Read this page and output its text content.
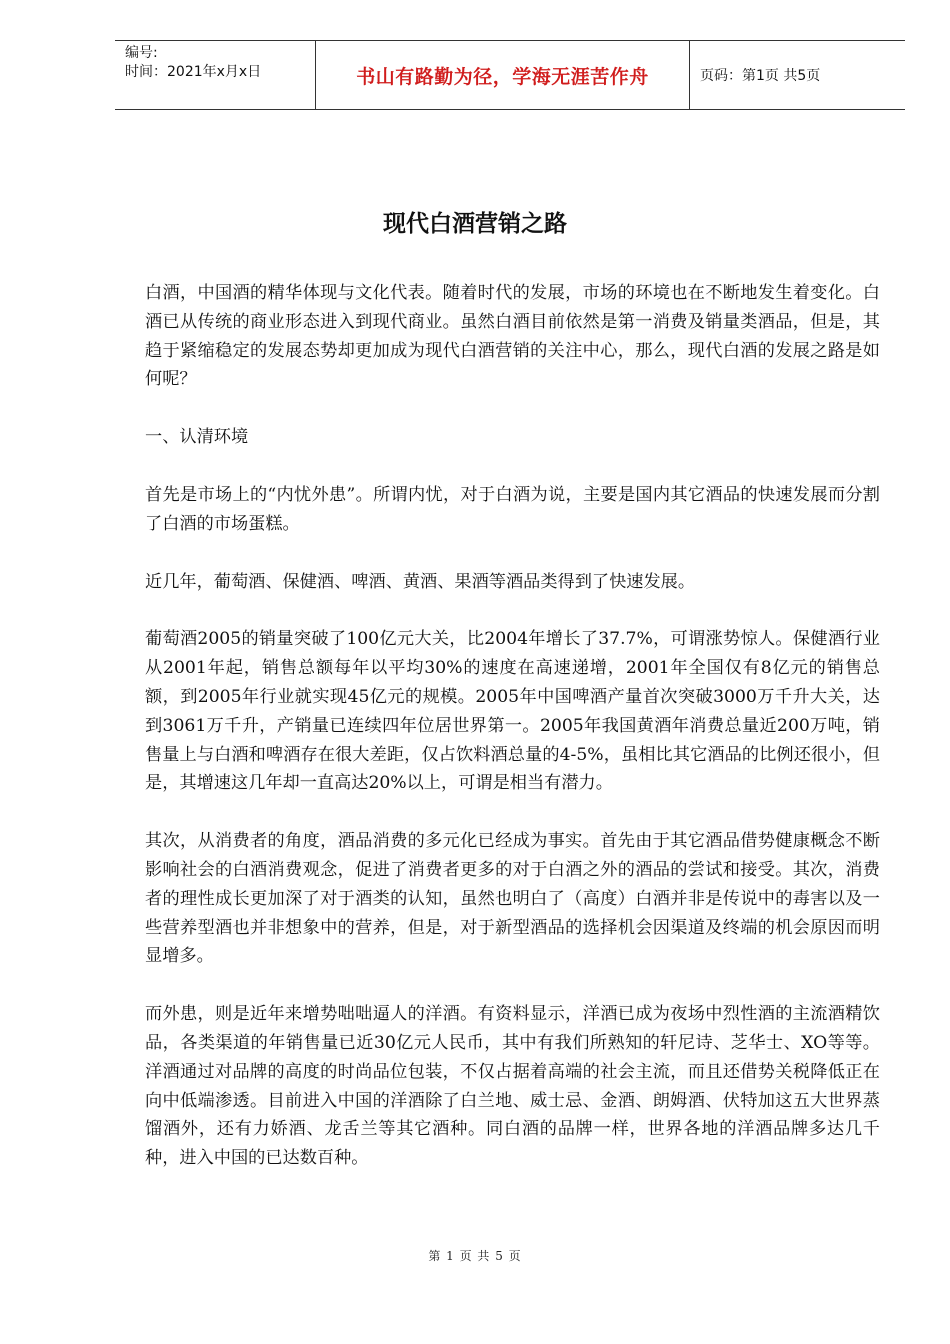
编号:
时间：2021年x月x日	书山有路勤为径，学海无涯苦作舟	页码：第1页 共5页
现代白酒营销之路

白酒，中国酒的精华体现与文化代表。随着时代的发展，市场的环境也在不断地发生着变化。白酒已从传统的商业形态进入到现代商业。虽然白酒目前依然是第一消费及销量类酒品，但是，其趋于紧缩稳定的发展态势却更加成为现代白酒营销的关注中心，那么，现代白酒的发展之路是如何呢？

一、认清环境

首先是市场上的“内忧外患”。所谓内忧，对于白酒为说，主要是国内其它酒品的快速发展而分割了白酒的市场蛋糕。

近几年，葡萄酒、保健酒、啤酒、黄酒、果酒等酒品类得到了快速发展。

葡萄酒2005的销量突破了100亿元大关，比2004年增长了37.7%，可谓涨势惊人。保健酒行业从2001年起，销售总额每年以平均30%的速度在高速递增，2001年全国仅有8亿元的销售总额，到2005年行业就实现45亿元的规模。2005年中国啤酒产量首次突破3000万千升大关，达到3061万千升，产销量已连续四年位居世界第一。2005年我国黄酒年消费总量近200万吨，销售量上与白酒和啤酒存在很大差距，仅占饮料酒总量的4-5%，虽相比其它酒品的比例还很小，但是，其增速这几年却一直高达20%以上，可谓是相当有潜力。

其次，从消费者的角度，酒品消费的多元化已经成为事实。首先由于其它酒品借势健康概念不断影响社会的白酒消费观念，促进了消费者更多的对于白酒之外的酒品的尝试和接受。其次，消费者的理性成长更加深了对于酒类的认知，虽然也明白了（高度）白酒并非是传说中的毒害以及一些营养型酒也并非想象中的营养，但是，对于新型酒品的选择机会因渠道及终端的机会原因而明显增多。

而外患，则是近年来增势咄咄逼人的洋酒。有资料显示，洋酒已成为夜场中烈性酒的主流酒精饮品，各类渠道的年销售量已近30亿元人民币，其中有我们所熟知的轩尼诗、芝华士、XO等等。洋酒通过对品牌的高度的时尚品位包装，不仅占据着高端的社会主流，而且还借势关税降低正在向中低端渗透。目前进入中国的洋酒除了白兰地、威士忌、金酒、朗姆酒、伏特加这五大世界蒸馏酒外，还有力娇酒、龙舌兰等其它酒种。同白酒的品牌一样，世界各地的洋酒品牌多达几千种，进入中国的已达数百种。

第 1 页 共 5 页
